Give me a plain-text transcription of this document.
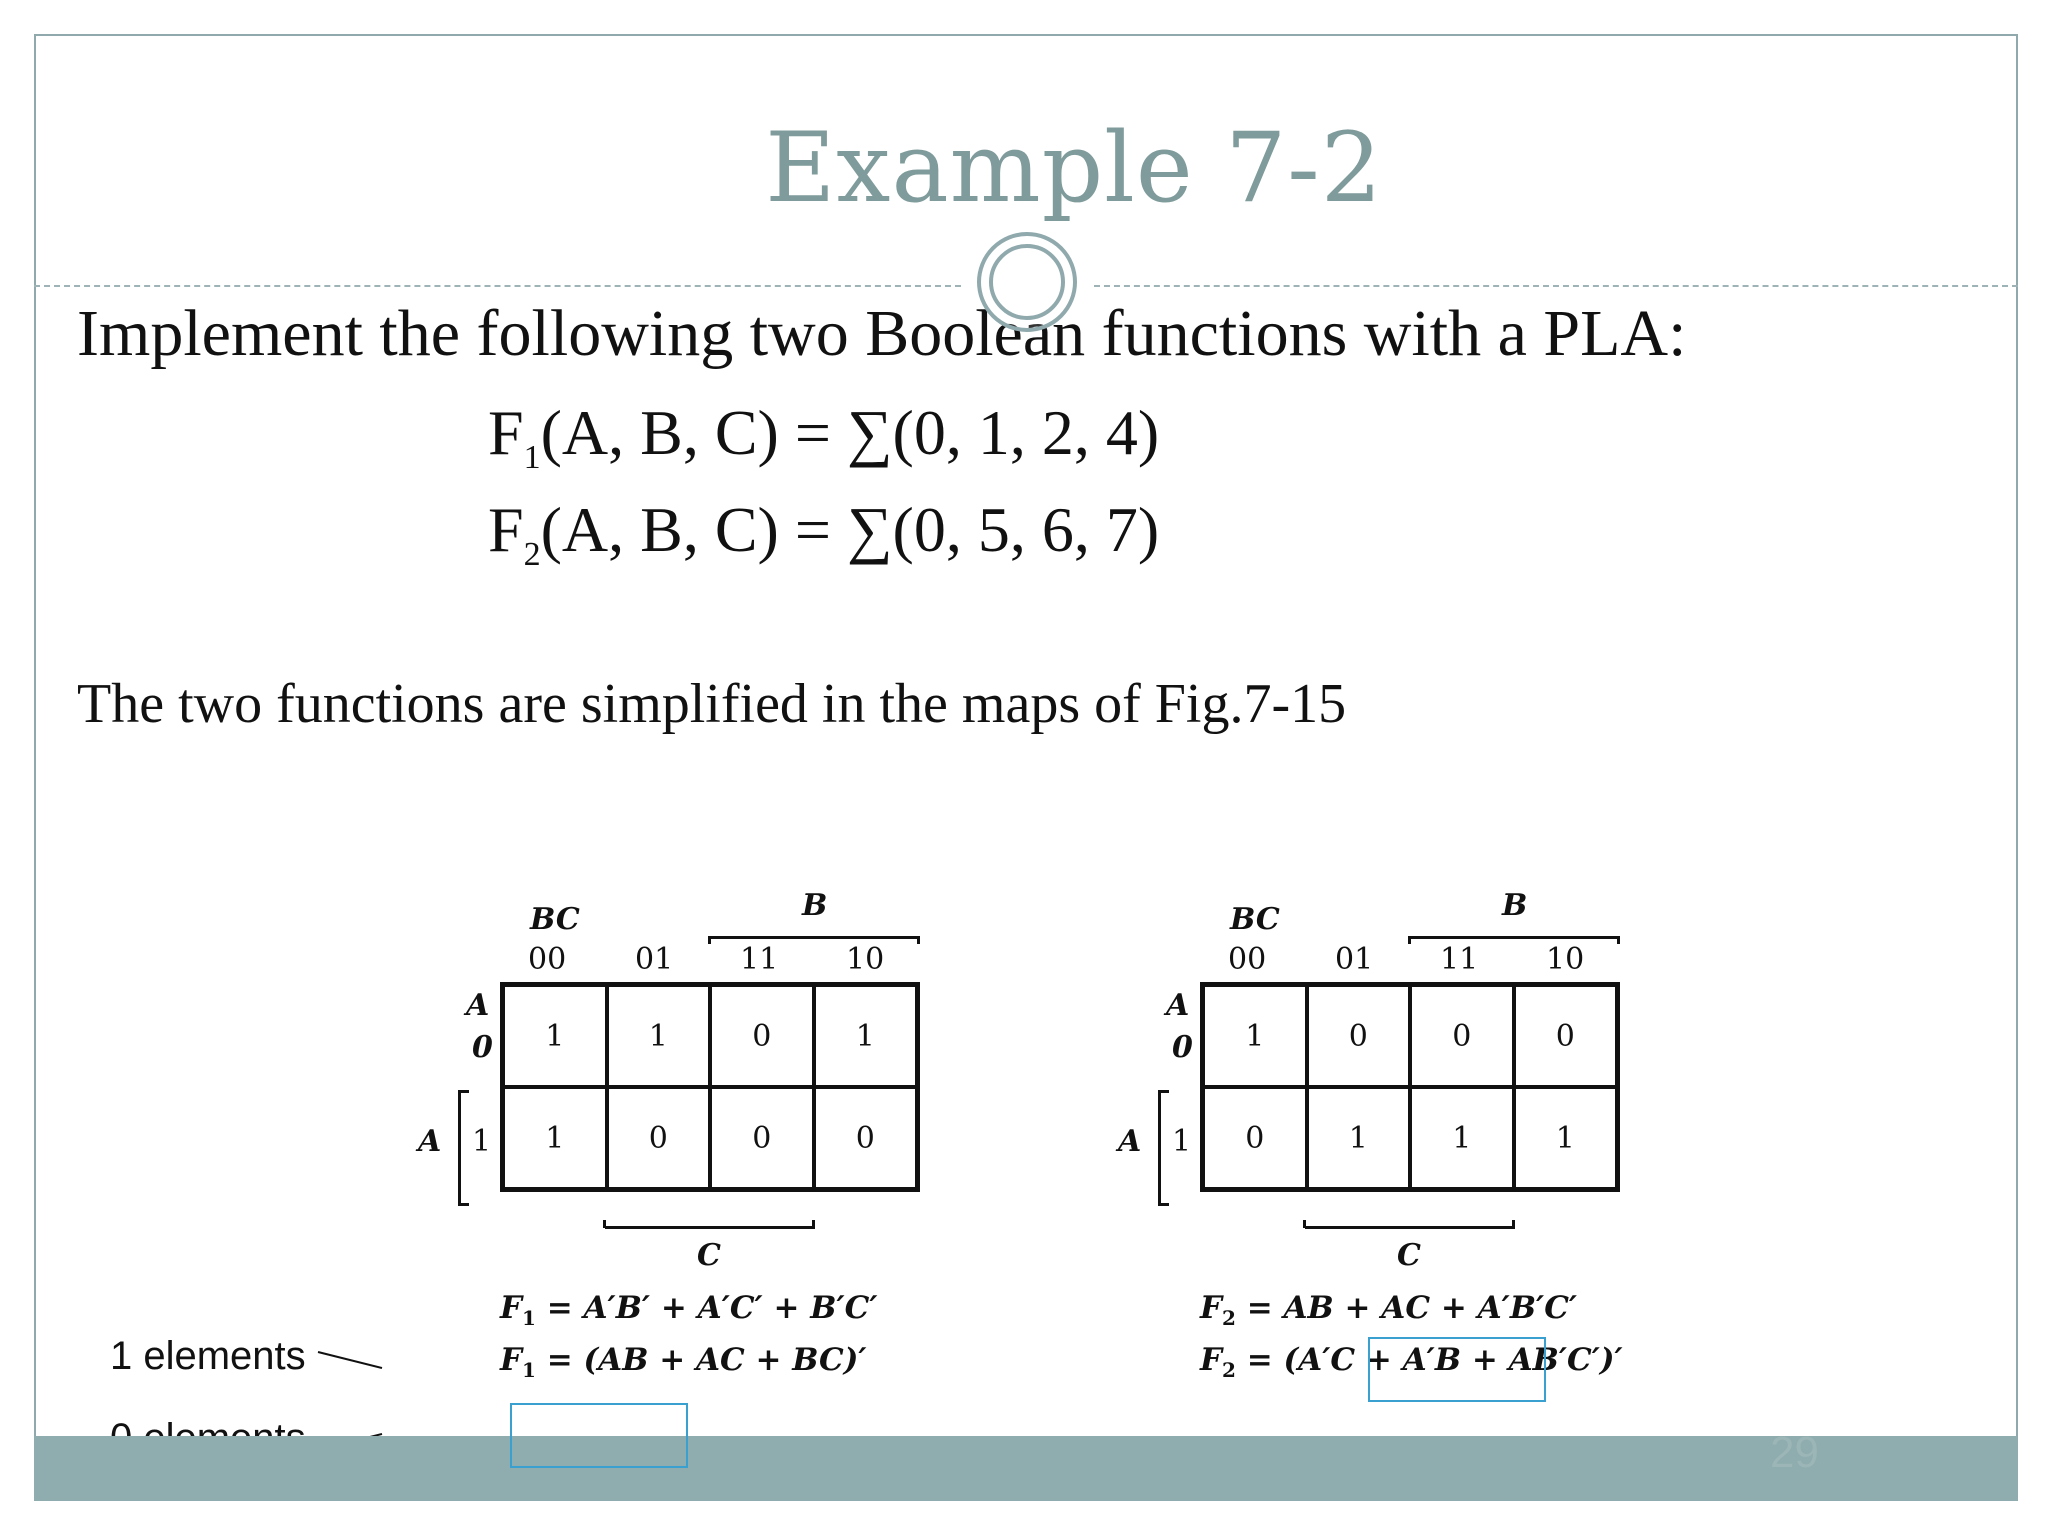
Example 7-2
Implement the following two Boolean functions with a PLA:
$F_1(A$, B, C) = ∑(0, 1, 2, 4)
$F_2(A$, B, C) = ∑(0, 5, 6, 7)
The two functions are simplified in the maps of Fig.7-15
BC	B
00 01 11 10
A
0
A 1
1	1	0	1
1	0	0	0
C
$F_1 = A'B' + A'C' + B'C'$
$F_1 = (AB$ + AC + BC)′
BC	B
00 01 11 10
A
0
A 1
1	0	0	0
0	1	1	1
C
$F_2$ = AB + AC + A′B′C′
$F_2 = (A'C + A'B + AB'C')'$
1 elements
29
